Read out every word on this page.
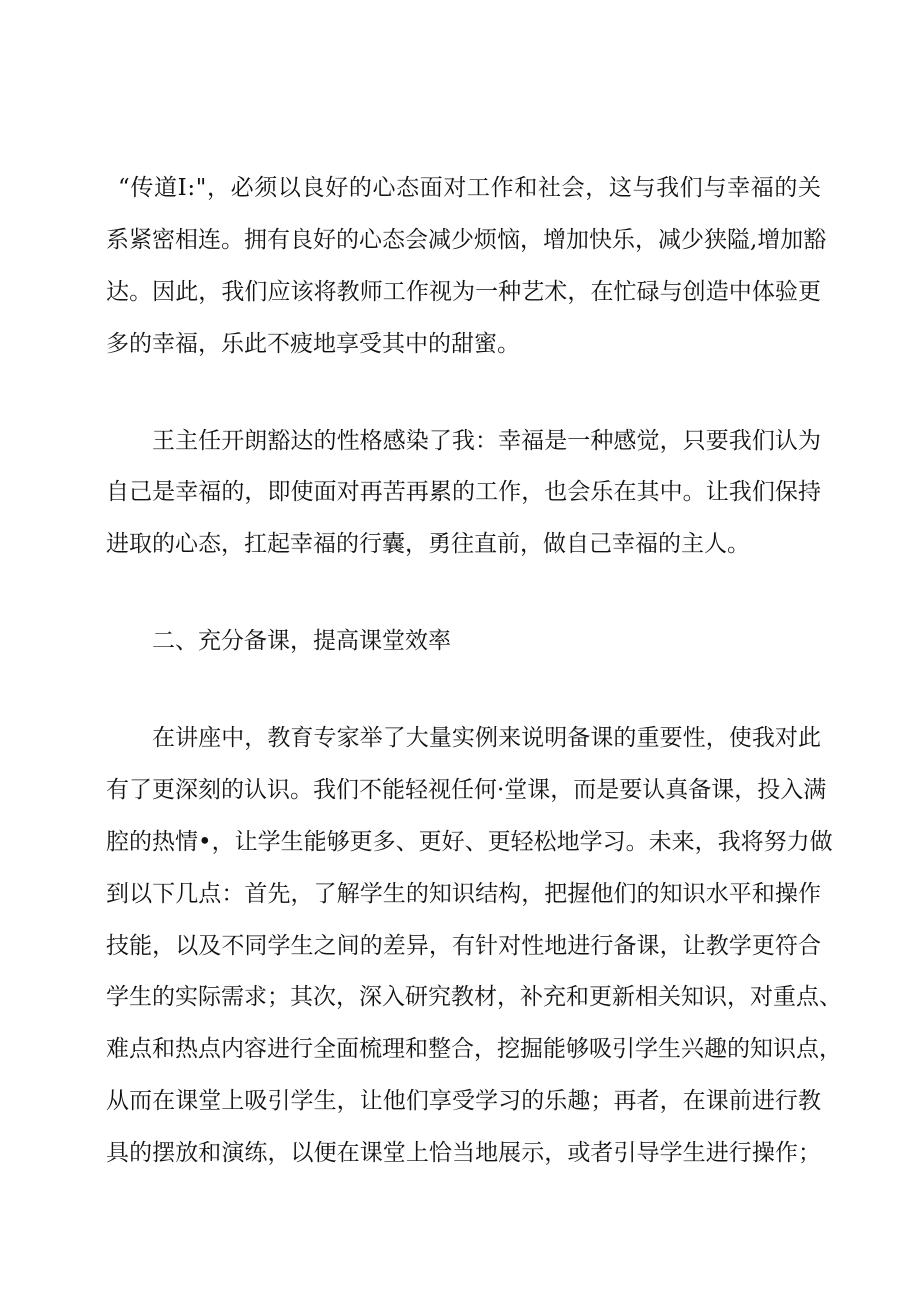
“传道I:"，必须以良好的心态面对工作和社会，这与我们与幸福的关

系紧密相连。拥有良好的心态会减少烦恼，增加快乐，减少狭隘,增加豁

达。因此，我们应该将教师工作视为一种艺术，在忙碌与创造中体验更

多的幸福，乐此不疲地享受其中的甜蜜。

王主任开朗豁达的性格感染了我：幸福是一种感觉，只要我们认为

自己是幸福的，即使面对再苦再累的工作，也会乐在其中。让我们保持

进取的心态，扛起幸福的行囊，勇往直前，做自己幸福的主人。

二、充分备课，提高课堂效率

在讲座中，教育专家举了大量实例来说明备课的重要性，使我对此

有了更深刻的认识。我们不能轻视任何·堂课，而是要认真备课，投入满

腔的热情•，让学生能够更多、更好、更轻松地学习。未来，我将努力做

到以下几点：首先，了解学生的知识结构，把握他们的知识水平和操作

技能，以及不同学生之间的差异，有针对性地进行备课，让教学更符合

学生的实际需求；其次，深入研究教材，补充和更新相关知识，对重点、

难点和热点内容进行全面梳理和整合，挖掘能够吸引学生兴趣的知识点，

从而在课堂上吸引学生，让他们享受学习的乐趣；再者，在课前进行教

具的摆放和演练，以便在课堂上恰当地展示，或者引导学生进行操作；
